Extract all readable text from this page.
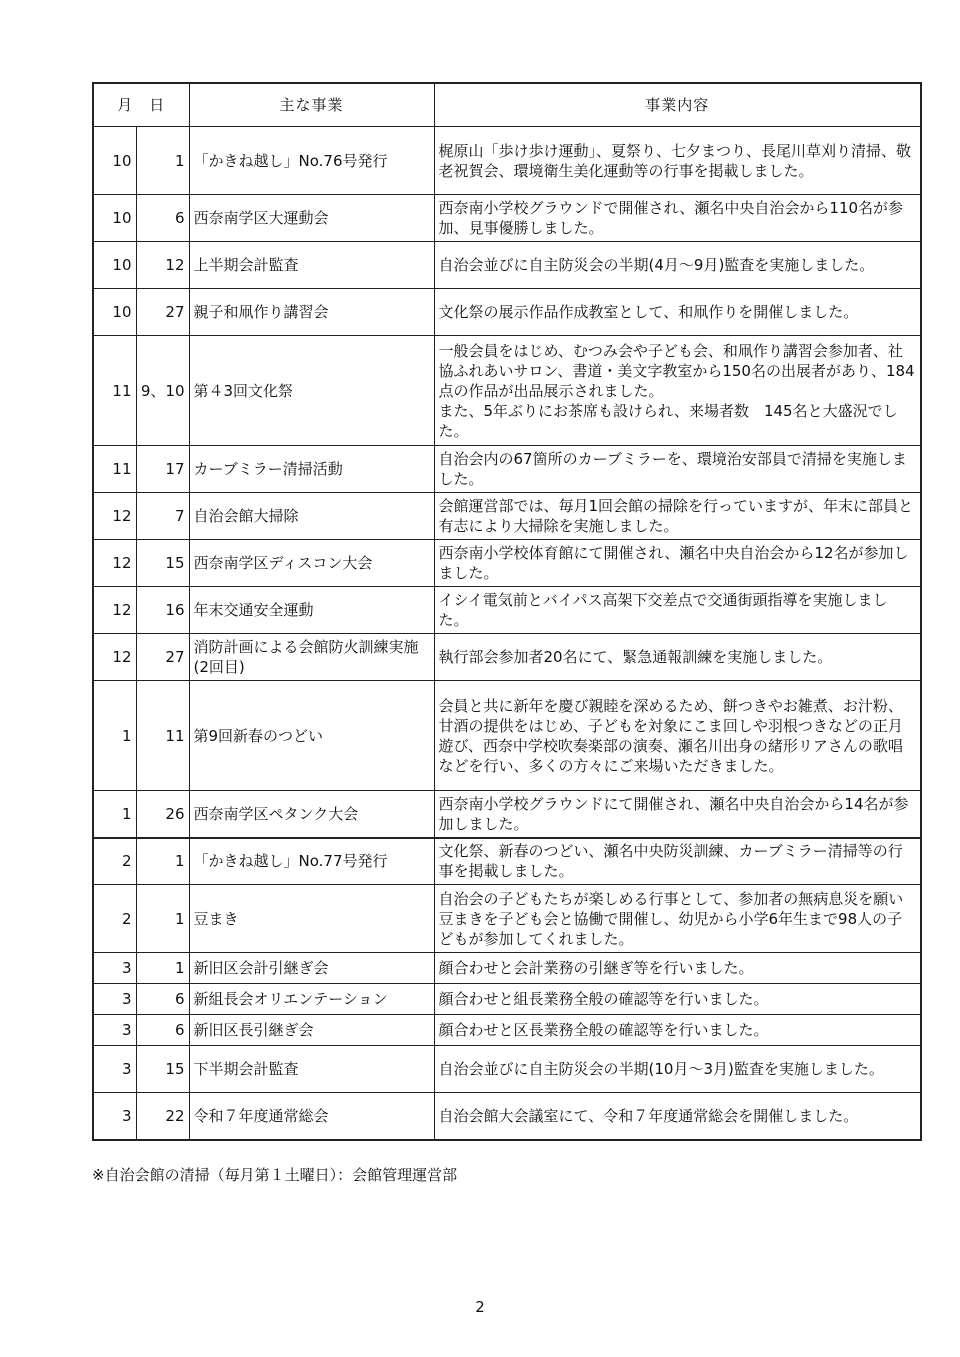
月　日		主な事業	事業内容
10	1	「かきね越し」No.76号発行	梶原山「歩け歩け運動」、夏祭り、七夕まつり、長尾川草刈り清掃、敬老祝賀会、環境衛生美化運動等の行事を掲載しました。
10	6	西奈南学区大運動会	西奈南小学校グラウンドで開催され、瀬名中央自治会から110名が参加、見事優勝しました。
10	12	上半期会計監査	自治会並びに自主防災会の半期(4月～9月)監査を実施しました。
10	27	親子和凧作り講習会	文化祭の展示作品作成教室として、和凧作りを開催しました。
11	9、10	第４3回文化祭	一般会員をはじめ、むつみ会や子ども会、和凧作り講習会参加者、社協ふれあいサロン、書道・美文字教室から150名の出展者があり、184点の作品が出品展示されました。
また、5年ぶりにお茶席も設けられ、来場者数　145名と大盛況でした。
11	17	カーブミラー清掃活動	自治会内の67箇所のカーブミラーを、環境治安部員で清掃を実施しました。
12	7	自治会館大掃除	会館運営部では、毎月1回会館の掃除を行っていますが、年末に部員と有志により大掃除を実施しました。
12	15	西奈南学区ディスコン大会	西奈南小学校体育館にて開催され、瀬名中央自治会から12名が参加しました。
12	16	年末交通安全運動	イシイ電気前とバイパス高架下交差点で交通街頭指導を実施しました。
12	27	消防計画による会館防火訓練実施(2回目)	執行部会参加者20名にて、緊急通報訓練を実施しました。
1	11	第9回新春のつどい	会員と共に新年を慶び親睦を深めるため、餅つきやお雑煮、お汁粉、甘酒の提供をはじめ、子どもを対象にこま回しや羽根つきなどの正月遊び、西奈中学校吹奏楽部の演奏、瀬名川出身の緒形リアさんの歌唱などを行い、多くの方々にご来場いただきました。
1	26	西奈南学区ペタンク大会	西奈南小学校グラウンドにて開催され、瀬名中央自治会から14名が参加しました。
2	1	「かきね越し」No.77号発行	文化祭、新春のつどい、瀬名中央防災訓練、カーブミラー清掃等の行事を掲載しました。
2	1	豆まき	自治会の子どもたちが楽しめる行事として、参加者の無病息災を願い豆まきを子ども会と協働で開催し、幼児から小学6年生まで98人の子どもが参加してくれました。
3	1	新旧区会計引継ぎ会	顔合わせと会計業務の引継ぎ等を行いました。
3	6	新組長会オリエンテーション	顔合わせと組長業務全般の確認等を行いました。
3	6	新旧区長引継ぎ会	顔合わせと区長業務全般の確認等を行いました。
3	15	下半期会計監査	自治会並びに自主防災会の半期(10月～3月)監査を実施しました。
3	22	令和７年度通常総会	自治会館大会議室にて、令和７年度通常総会を開催しました。
※自治会館の清掃（毎月第１土曜日）：会館管理運営部
2
